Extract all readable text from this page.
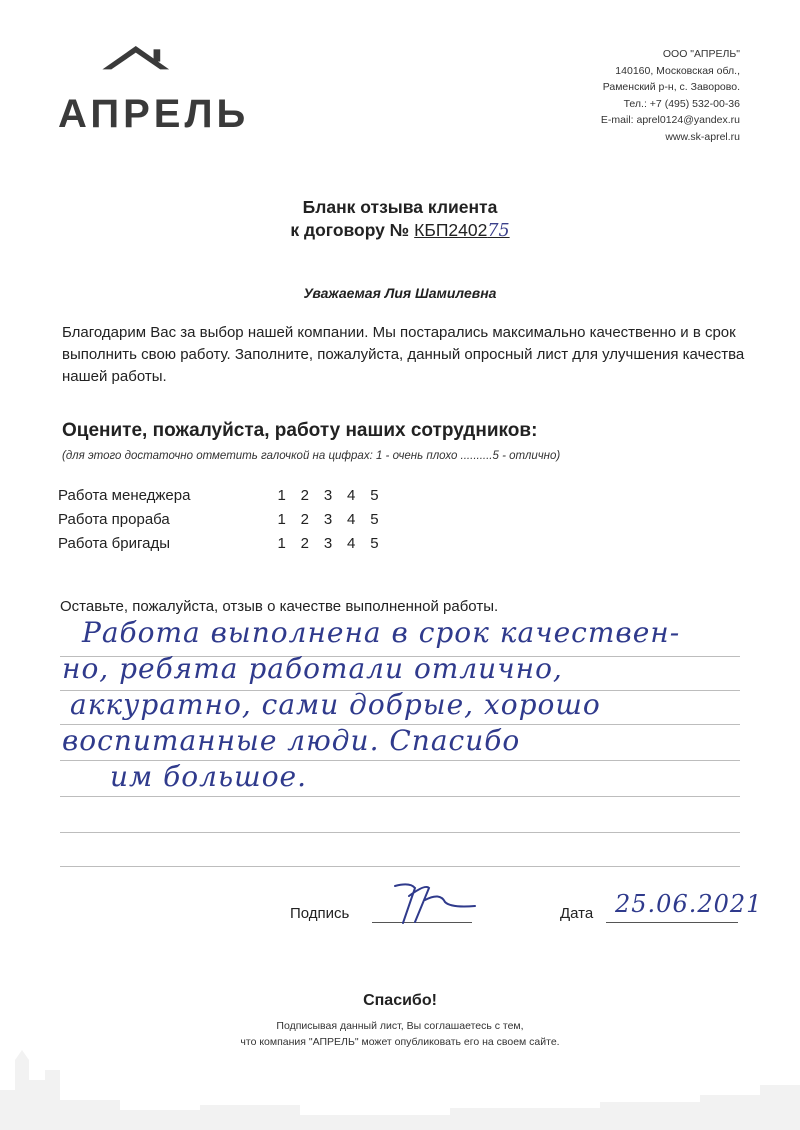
АПРЕЛЬ
ООО "АПРЕЛЬ"
140160, Московская обл.,
Раменский р-н, с. Заворово.
Тел.: +7 (495) 532-00-36
E-mail: aprel0124@yandex.ru
www.sk-aprel.ru
Бланк отзыва клиента
к договору № КБП240275
Уважаемая Лия Шамилевна
Благодарим Вас за выбор нашей компании. Мы постарались максимально качественно и в срок выполнить свою работу. Заполните, пожалуйста, данный опросный лист для улучшения качества нашей работы.
Оцените, пожалуйста, работу наших сотрудников:
(для этого достаточно отметить галочкой на цифрах: 1 - очень плохо ..........5 - отлично)
Работа менеджера	1 2 3 4 5
Работа прораба	1 2 3 4 5
Работа бригады	1 2 3 4 5
Оставьте, пожалуйста, отзыв о качестве выполненной работы.
Работа выполнена в срок качествен-
но, ребята работали отлично,
аккуратно, сами добрые, хорошо
воспитанные люди. Спасибо
им большое.
Подпись	Дата 25.06.2021
Спасибо!
Подписывая данный лист, Вы соглашаетесь с тем,
что компания "АПРЕЛЬ" может опубликовать его на своем сайте.
